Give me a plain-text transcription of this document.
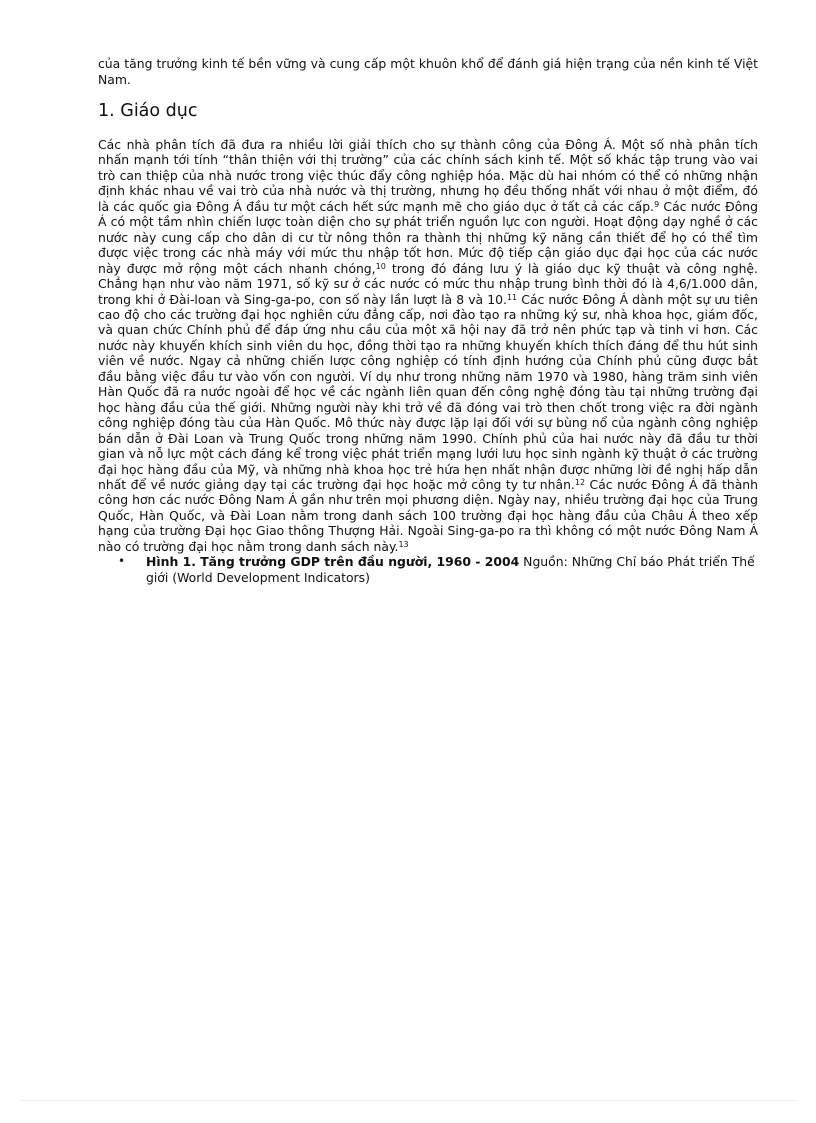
của tăng trưởng kinh tế bền vững và cung cấp một khuôn khổ để đánh giá hiện trạng của nền kinh tế Việt Nam.

1. Giáo dục

Các nhà phân tích đã đưa ra nhiều lời giải thích cho sự thành công của Đông Á. Một số nhà phân tích nhấn mạnh tới tính “thân thiện với thị trường” của các chính sách kinh tế. Một số khác tập trung vào vai trò can thiệp của nhà nước trong việc thúc đẩy công nghiệp hóa. Mặc dù hai nhóm có thể có những nhận định khác nhau về vai trò của nhà nước và thị trường, nhưng họ đều thống nhất với nhau ở một điểm, đó là các quốc gia Đông Á đầu tư một cách hết sức mạnh mẽ cho giáo dục ở tất cả các cấp.$^9$ Các nước Đông Á có một tầm nhìn chiến lược toàn diện cho sự phát triển nguồn lực con người. Hoạt động dạy nghề ở các nước này cung cấp cho dân di cư từ nông thôn ra thành thị những kỹ năng cần thiết để họ có thể tìm được việc trong các nhà máy với mức thu nhập tốt hơn. Mức độ tiếp cận giáo dục đại học của các nước này được mở rộng một cách nhanh chóng,$^{10}$ trong đó đáng lưu ý là giáo dục kỹ thuật và công nghệ. Chẳng hạn như vào năm 1971, số kỹ sư ở các nước có mức thu nhập trung bình thời đó là 4,6/1.000 dân, trong khi ở Đài-loan và Sing-ga-po, con số này lần lượt là 8 và 10.11 Các nước Đông Á dành một sự ưu tiên cao độ cho các trường đại học nghiên cứu đẳng cấp, nơi đào tạo ra những ký sư, nhà khoa học, giám đốc, và quan chức Chính phủ để đáp ứng nhu cầu của một xã hội nay đã trở nên phức tạp và tinh vi hơn. Các nước này khuyến khích sinh viên du học, đồng thời tạo ra những khuyến khích thích đáng để thu hút sinh viên về nước. Ngay cả những chiến lược công nghiệp có tính định hướng của Chính phủ cũng được bắt đầu bằng việc đầu tư vào vốn con người. Ví dụ như trong những năm 1970 và 1980, hàng trăm sinh viên Hàn Quốc đã ra nước ngoài để học về các ngành liên quan đến công nghệ đóng tàu tại những trường đại học hàng đầu của thế giới. Những người này khi trở về đã đóng vai trò then chốt trong việc ra đời ngành công nghiệp đóng tàu của Hàn Quốc. Mô thức này được lặp lại đối với sự bùng nổ của ngành công nghiệp bán dẫn ở Đài Loan và Trung Quốc trong những năm 1990. Chính phủ của hai nước này đã đầu tư thời gian và nỗ lực một cách đáng kể trong việc phát triển mạng lưới lưu học sinh ngành kỹ thuật ở các trường đại học hàng đầu của Mỹ, và những nhà khoa học trẻ hứa hẹn nhất nhận được những lời đề nghị hấp dẫn nhất để về nước giảng dạy tại các trường đại học hoặc mở công ty tư nhân.$^{12}$ Các nước Đông Á đã thành công hơn các nước Đông Nam Á gần như trên mọi phương diện. Ngày nay, nhiều trường đại học của Trung Quốc, Hàn Quốc, và Đài Loan nằm trong danh sách 100 trường đại học hàng đầu của Châu Á theo xếp hạng của trường Đại học Giao thông Thượng Hải. Ngoài Sing-ga-po ra thì không có một nước Đông Nam Á nào có trường đại học nằm trong danh sách này.$^{13}$

• Hình 1. Tăng trưởng GDP trên đầu người, 1960 - 2004 Nguồn: Những Chỉ báo Phát triển Thế giới (World Development Indicators)
